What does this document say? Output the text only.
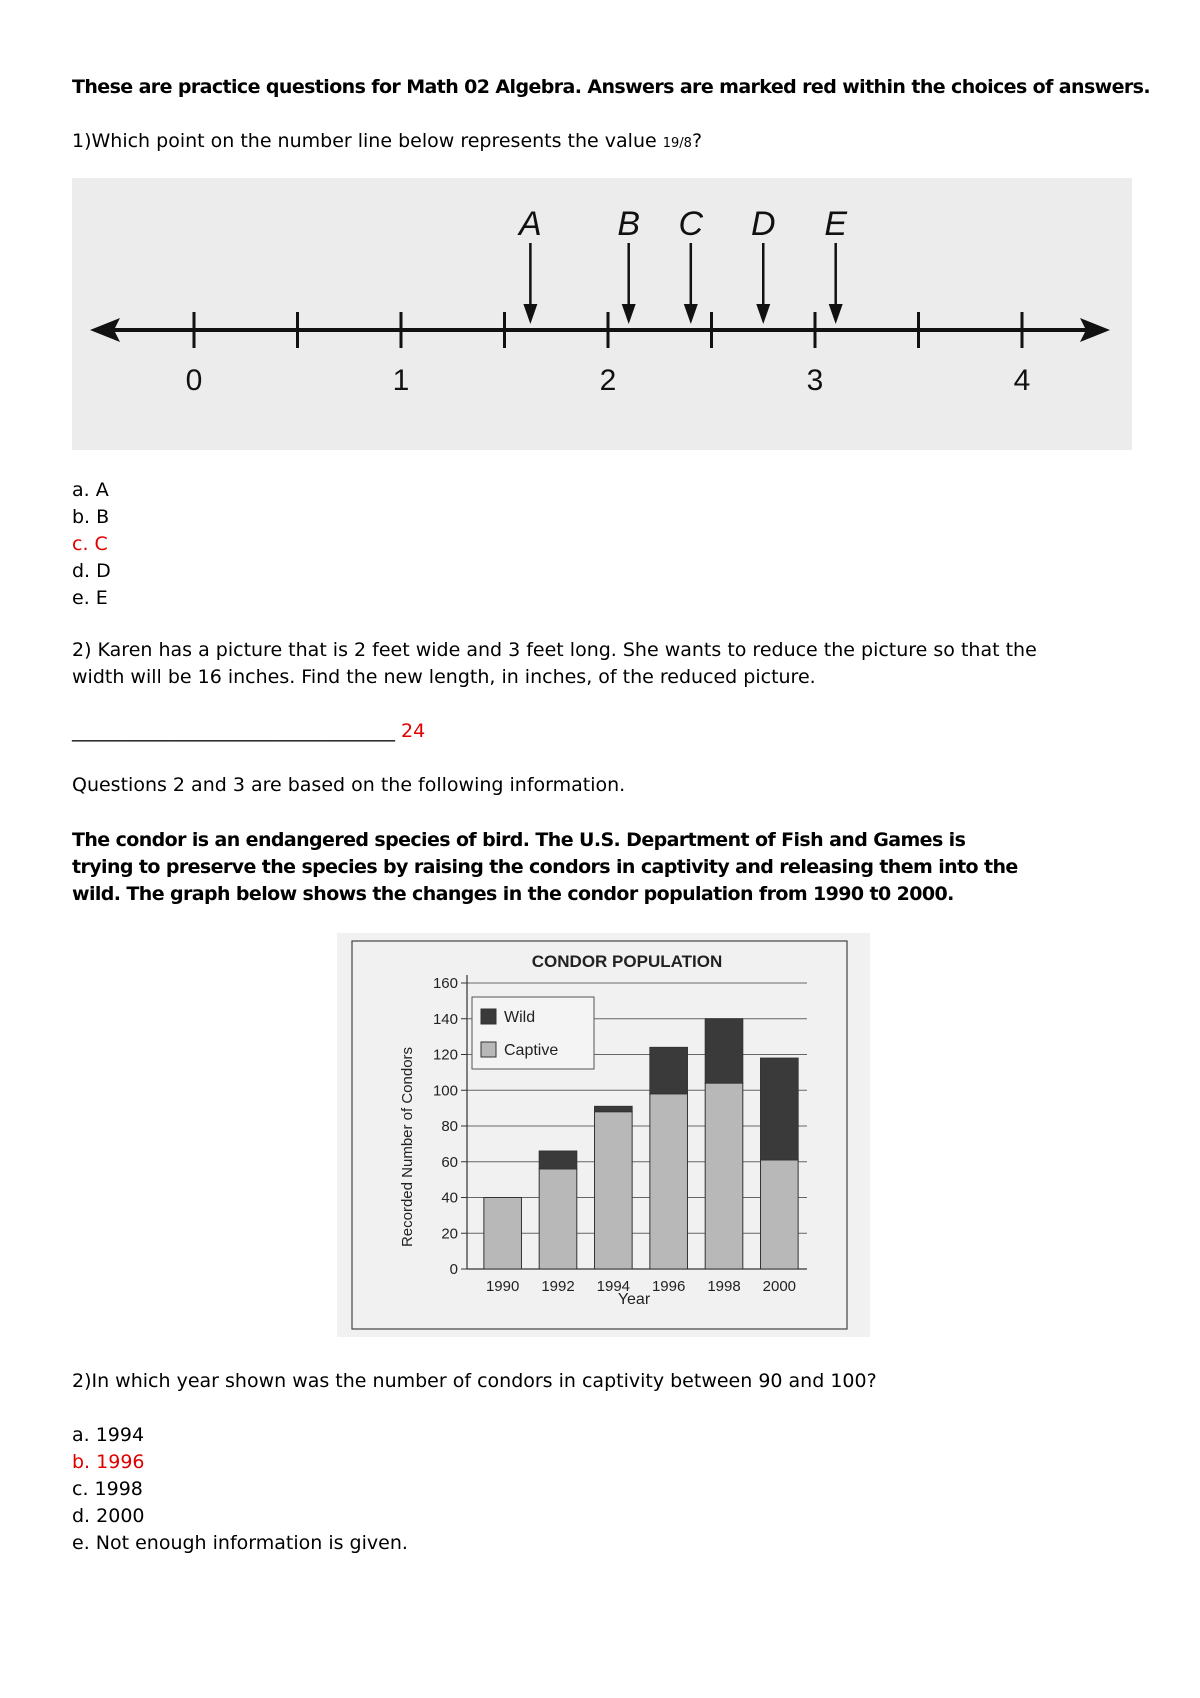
These are practice questions for Math 02 Algebra. Answers are marked red within the choices of answers.
1)Which point on the number line below represents the value 19/8?
0	1	2	3	4
A B C D E
a. A
b. B
c. C
d. D
e. E
2) Karen has a picture that is 2 feet wide and 3 feet long. She wants to reduce the picture so that the
width will be 16 inches. Find the new length, in inches, of the reduced picture.
__________________________________ 24
Questions 2 and 3 are based on the following information.
The condor is an endangered species of bird. The U.S. Department of Fish and Games is
trying to preserve the species by raising the condors in captivity and releasing them into the
wild. The graph below shows the changes in the condor population from 1990 t0 2000.
CONDOR POPULATION
Year
Recorded Number of Condors
0
20
40
60
80
100
120
140
160
1990 1992 1994 1996 1998 2000
Wild
Captive
2)In which year shown was the number of condors in captivity between 90 and 100?
a. 1994
b. 1996
c. 1998
d. 2000
e. Not enough information is given.
